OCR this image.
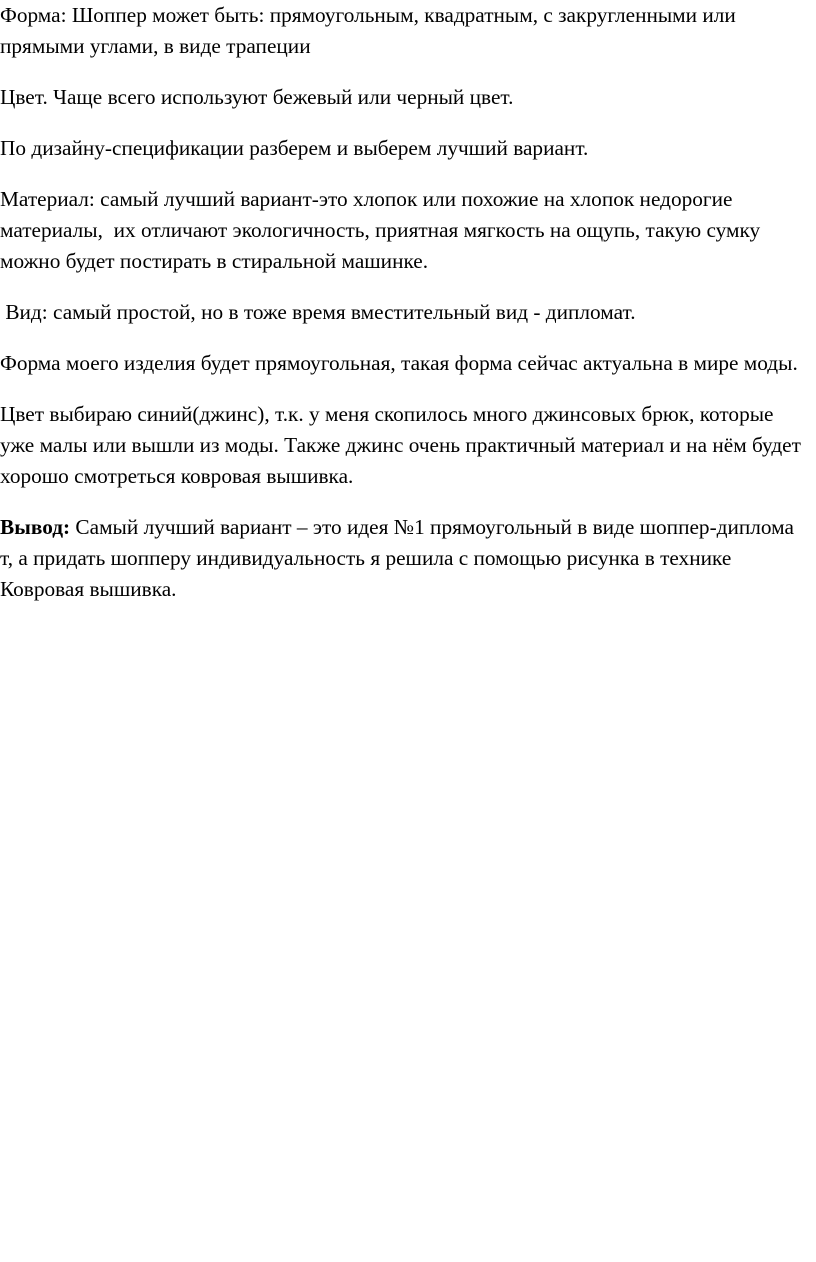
Форма: Шоппер может быть: прямоугольным, квадратным, с закругленными или прямыми углами, в виде трапеции

Цвет. Чаще всего используют бежевый или черный цвет.

По дизайну-спецификации разберем и выберем лучший вариант.

Материал: самый лучший вариант-это хлопок или похожие на хлопок недорогие материалы,  их отличают экологичность, приятная мягкость на ощупь, такую сумку можно будет постирать в стиральной машинке.

Вид: самый простой, но в тоже время вместительный вид - дипломат.

Форма моего изделия будет прямоугольная, такая форма сейчас актуальна в мире моды.

Цвет выбираю синий(джинс), т.к. у меня скопилось много джинсовых брюк, которые уже малы или вышли из моды. Также джинс очень практичный материал и на нём будет хорошо смотреться ковровая вышивка.

Вывод: Самый лучший вариант – это идея №1 прямоугольный в виде шоппер-диплома​т, а придать шопперу индивидуальность я решила с помощью рисунка в технике Ковровая вышивка.
